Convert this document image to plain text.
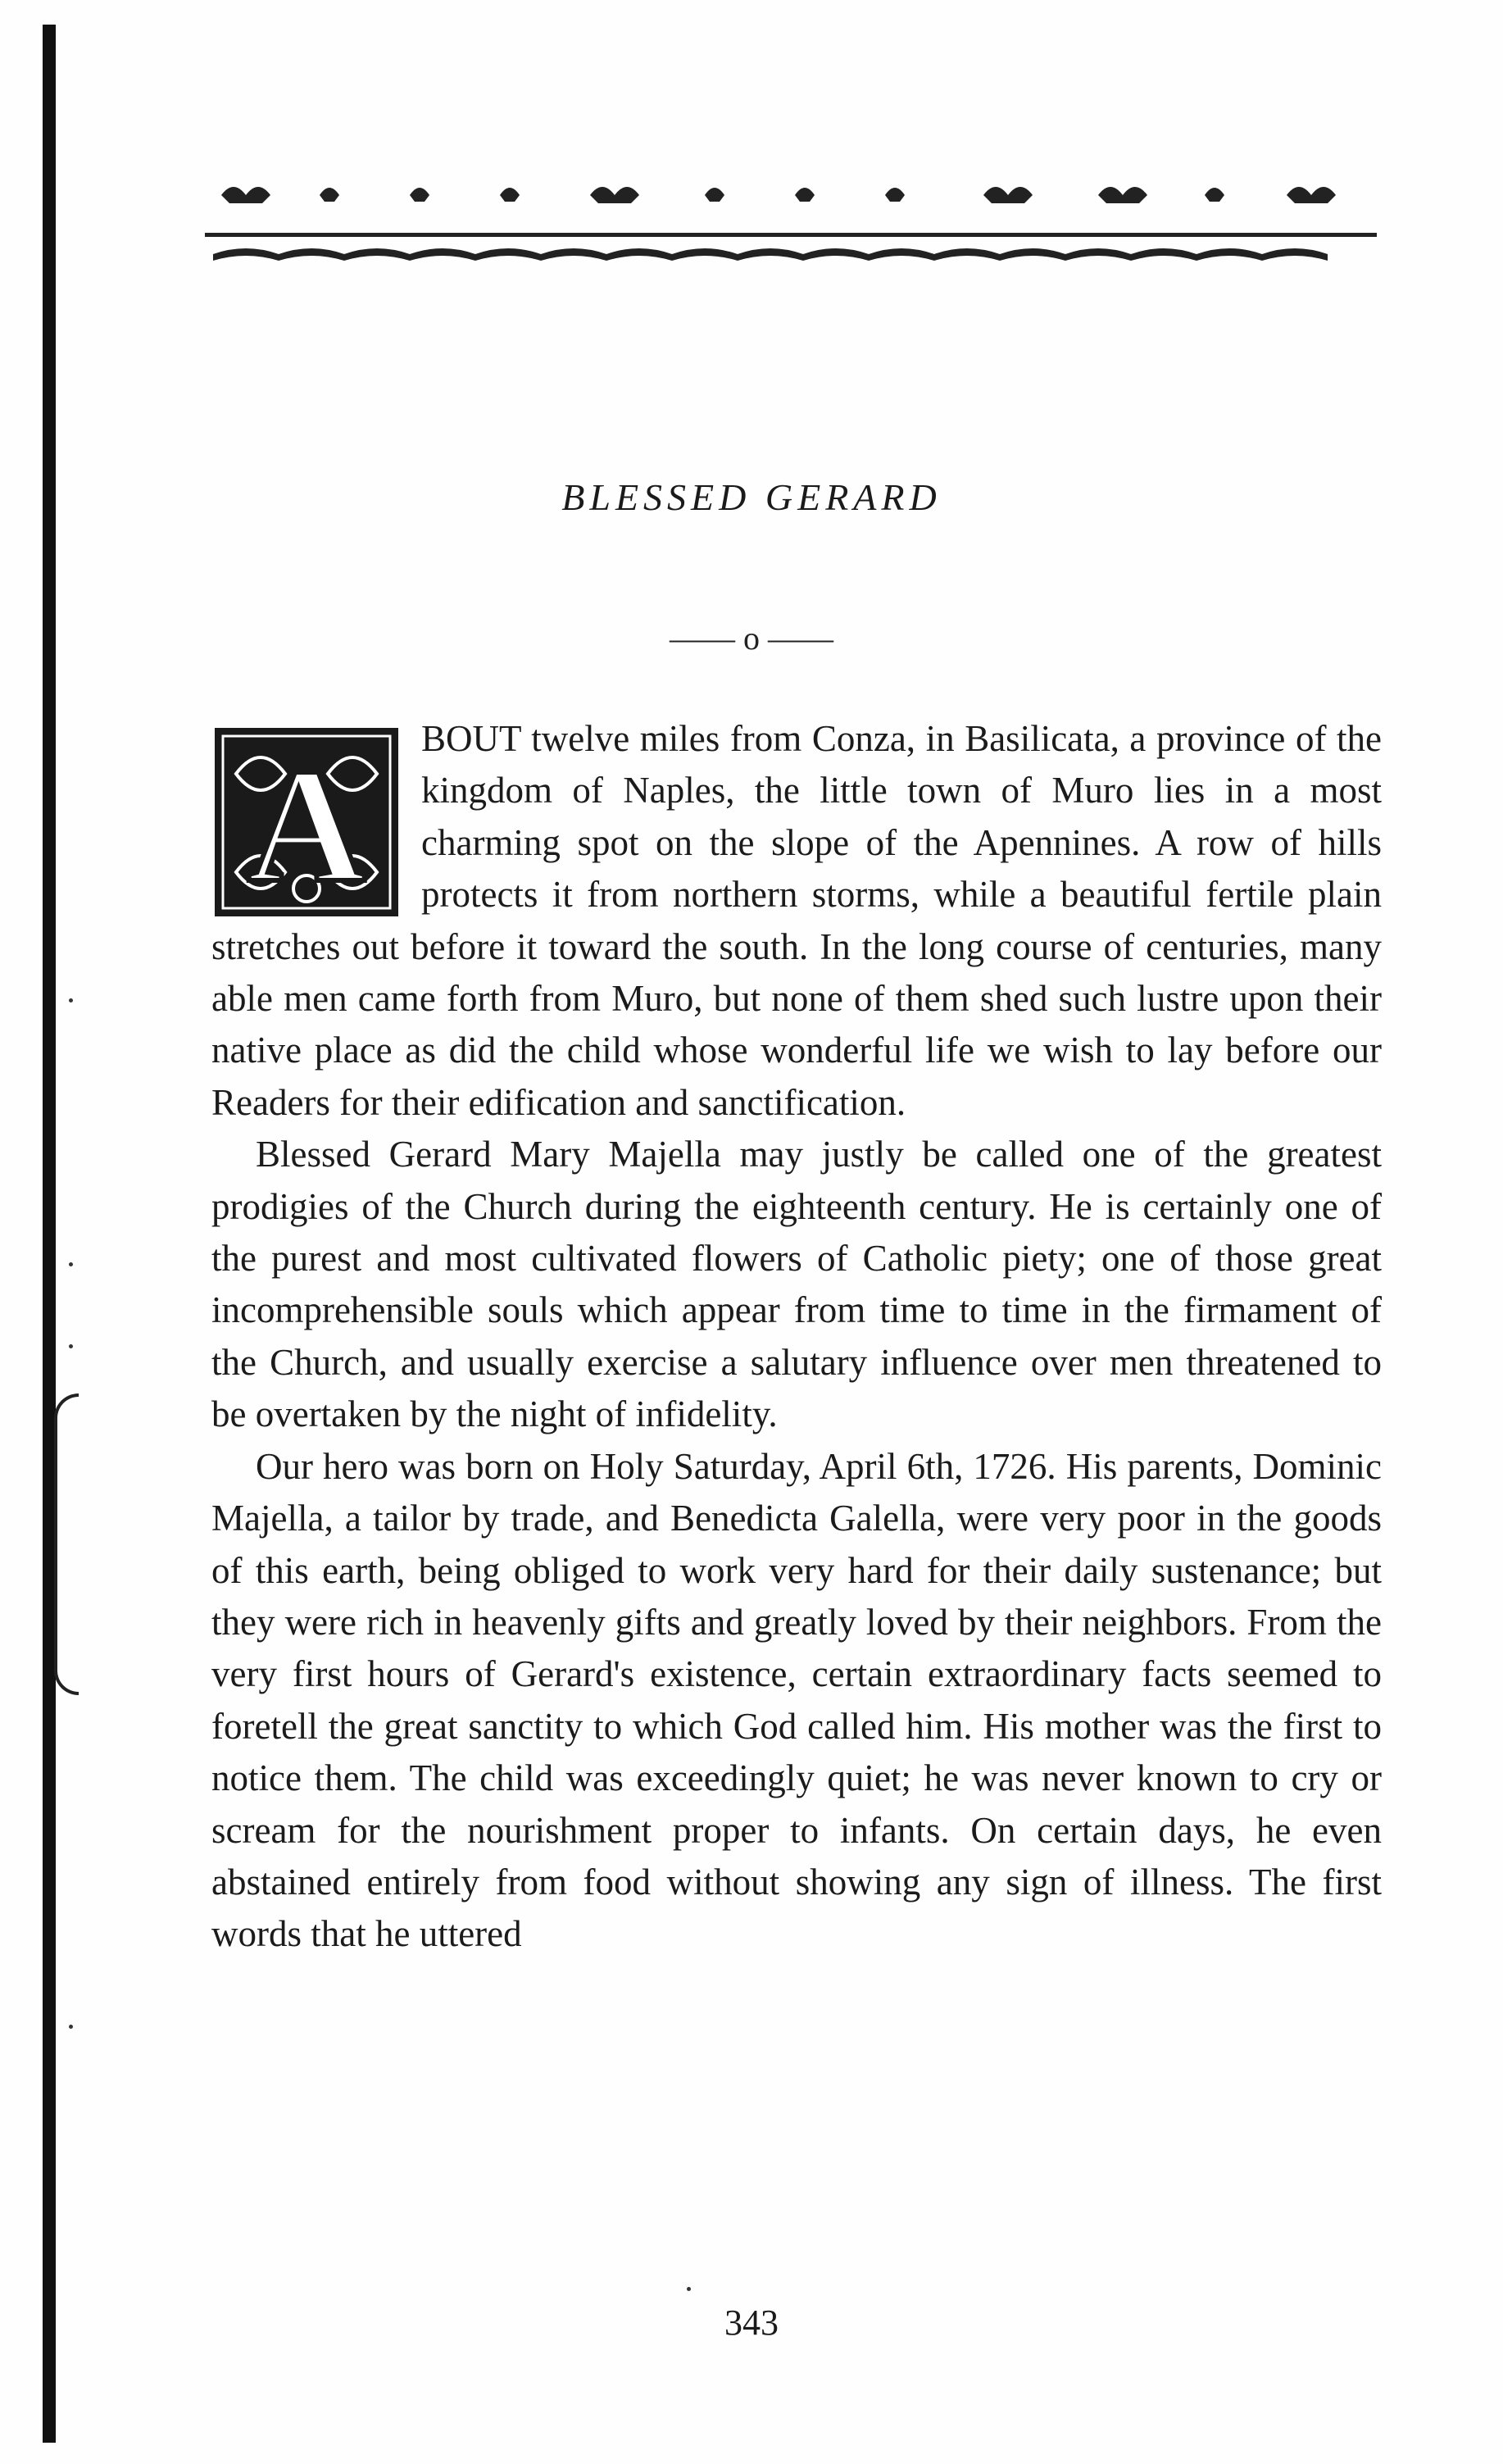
BLESSED GERARD
—— o ——

A BOUT twelve miles from Conza, in Basilicata, a province of the kingdom of Naples, the little town of Muro lies in a most charming spot on the slope of the Apennines. A row of hills protects it from northern storms, while a beautiful fertile plain stretches out before it toward the south. In the long course of centuries, many able men came forth from Muro, but none of them shed such lustre upon their native place as did the child whose wonderful life we wish to lay before our Readers for their edification and sanctification.

Blessed Gerard Mary Majella may justly be called one of the greatest prodigies of the Church during the eighteenth century. He is certainly one of the purest and most cultivated flowers of Catholic piety; one of those great incomprehensible souls which appear from time to time in the firmament of the Church, and usually exercise a salutary influence over men threatened to be overtaken by the night of infidelity.

Our hero was born on Holy Saturday, April 6th, 1726. His parents, Dominic Majella, a tailor by trade, and Benedicta Galella, were very poor in the goods of this earth, being obliged to work very hard for their daily sustenance; but they were rich in heavenly gifts and greatly loved by their neighbors. From the very first hours of Gerard's existence, certain extraordinary facts seemed to foretell the great sanctity to which God called him. His mother was the first to notice them. The child was exceedingly quiet; he was never known to cry or scream for the nourishment proper to infants. On certain days, he even abstained entirely from food without showing any sign of illness. The first words that he uttered

343
